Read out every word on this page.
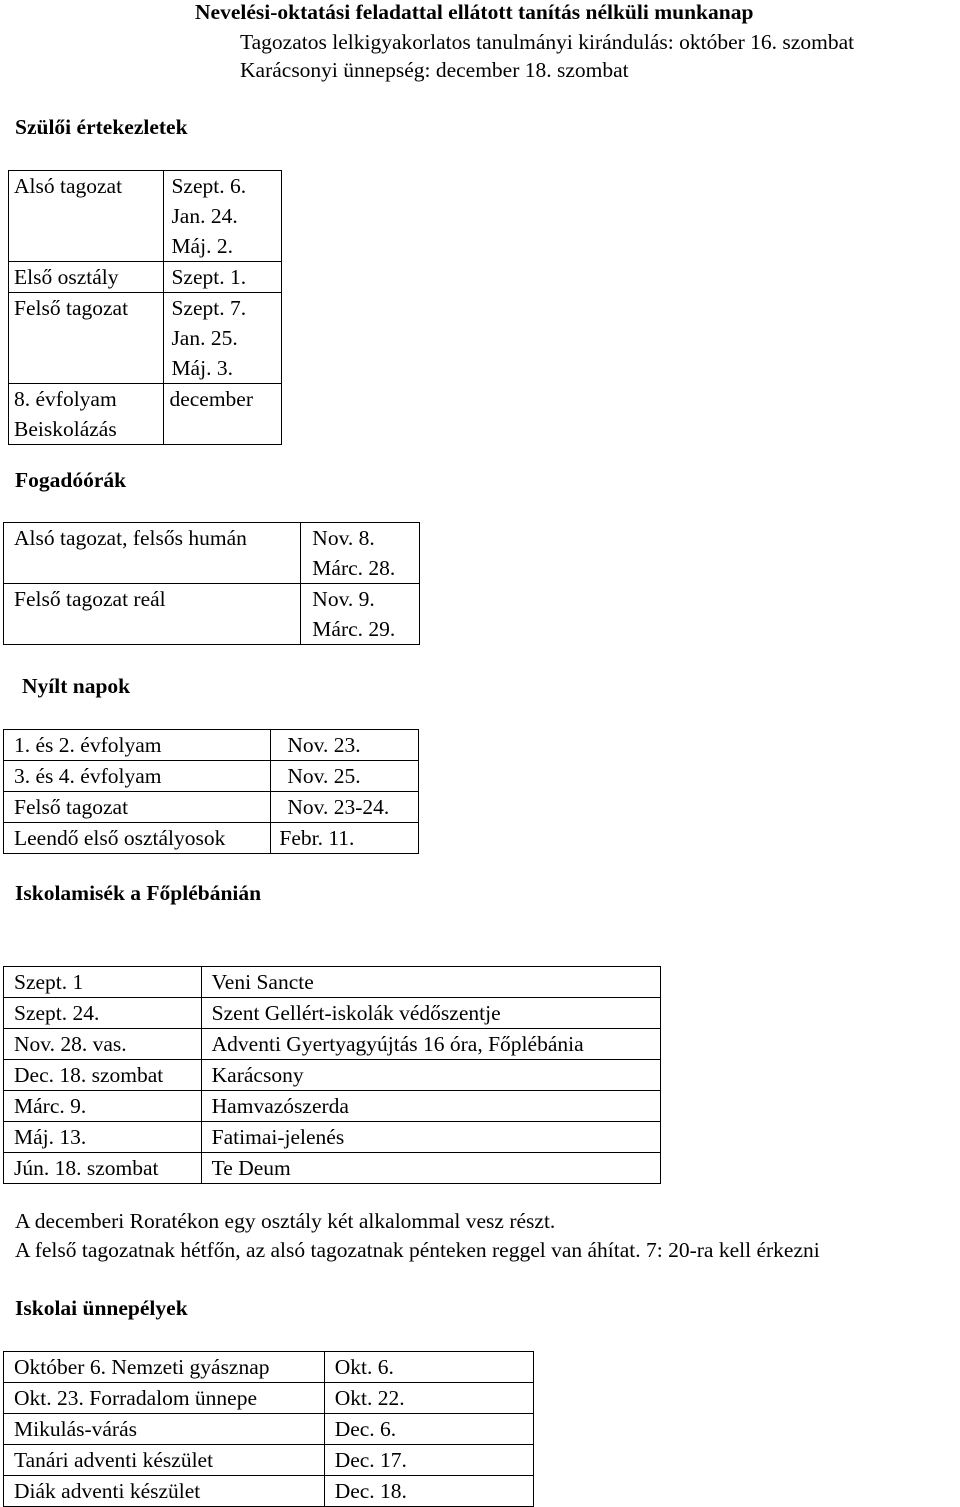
Nevelési-oktatási feladattal ellátott tanítás nélküli munkanap
Tagozatos lelkigyakorlatos tanulmányi kirándulás: október 16. szombat
Karácsonyi ünnepség: december 18. szombat
Szülői értekezletek
Alsó tagozat	Szept. 6.
Jan. 24.
Máj. 2.

Első osztály	Szept. 1.

Felső tagozat	Szept. 7.
Jan. 25.
Máj. 3.

8. évfolyam
Beiskolázás	december
Fogadóórák
Alsó tagozat, felsős humán	Nov. 8.
Márc. 28.

Felső tagozat reál	Nov. 9.
Márc. 29.
Nyílt napok
1. és 2. évfolyam	Nov. 23.
3. és 4. évfolyam	Nov. 25.
Felső tagozat	Nov. 23-24.
Leendő első osztályosok	Febr. 11.
Iskolamisék a Főplébánián
Szept. 1	Veni Sancte
Szept. 24.	Szent Gellért-iskolák védőszentje
Nov. 28. vas.	Adventi Gyertyagyújtás 16 óra, Főplébánia
Dec. 18. szombat	Karácsony
Márc. 9.	Hamvazószerda
Máj. 13.	Fatimai-jelenés
Jún. 18. szombat	Te Deum
A decemberi Roratékon egy osztály két alkalommal vesz részt.
A felső tagozatnak hétfőn, az alsó tagozatnak pénteken reggel van áhítat. 7: 20-ra kell érkezni
Iskolai ünnepélyek
Október 6. Nemzeti gyásznap	Okt. 6.
Okt. 23. Forradalom ünnepe	Okt. 22.
Mikulás-várás	Dec. 6.
Tanári adventi készület	Dec. 17.
Diák adventi készület	Dec. 18.
